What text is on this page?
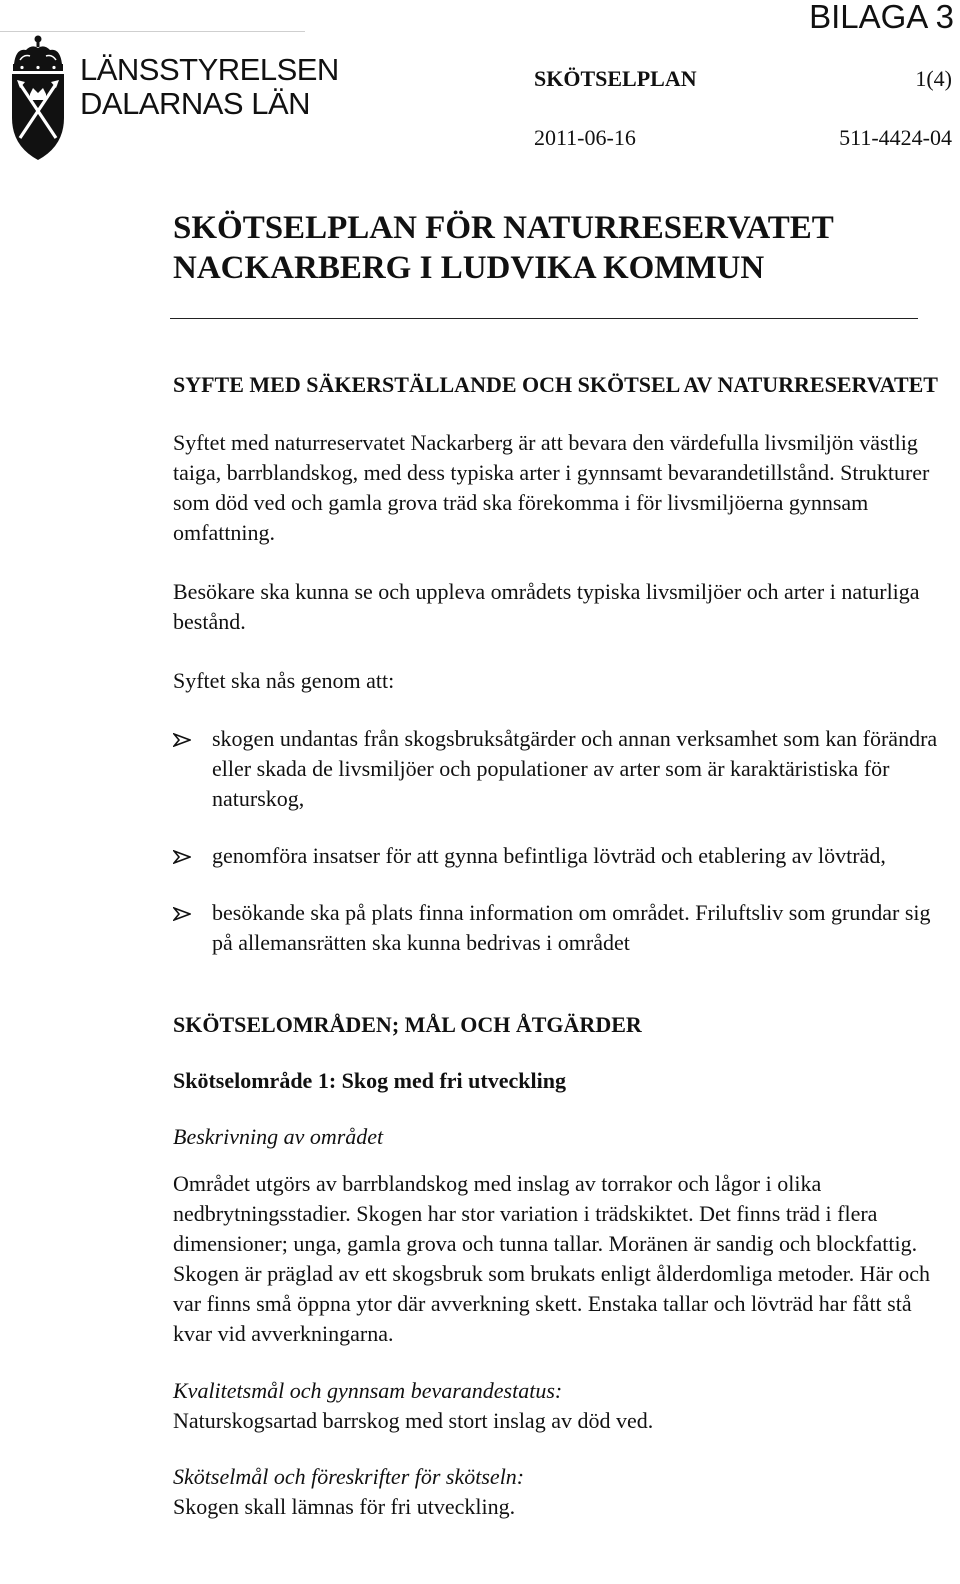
BILAGA 3
LÄNSSTYRELSEN
DALARNAS LÄN
SKÖTSELPLAN	1(4)
2011-06-16	511-4424-04
SKÖTSELPLAN FÖR NATURRESERVATET NACKARBERG I LUDVIKA KOMMUN
SYFTE MED SÄKERSTÄLLANDE OCH SKÖTSEL AV NATURRESERVATET

Syftet med naturreservatet Nackarberg är att bevara den värdefulla livsmiljön västlig taiga, barrblandskog, med dess typiska arter i gynnsamt bevarandetillstånd. Strukturer som död ved och gamla grova träd ska förekomma i för livsmiljöerna gynnsam omfattning.

Besökare ska kunna se och uppleva områdets typiska livsmiljöer och arter i naturliga bestånd.

Syftet ska nås genom att:

skogen undantas från skogsbruksåtgärder och annan verksamhet som kan förändra eller skada de livsmiljöer och populationer av arter som är karaktäristiska för naturskog,
genomföra insatser för att gynna befintliga lövträd och etablering av lövträd,
besökande ska på plats finna information om området. Friluftsliv som grundar sig på allemansrätten ska kunna bedrivas i området
SKÖTSELOMRÅDEN; MÅL OCH ÅTGÄRDER
Skötselområde 1: Skog med fri utveckling

Beskrivning av området

Området utgörs av barrblandskog med inslag av torrakor och lågor i olika nedbrytningsstadier. Skogen har stor variation i trädskiktet. Det finns träd i flera dimensioner; unga, gamla grova och tunna tallar. Moränen är sandig och blockfattig. Skogen är präglad av ett skogsbruk som brukats enligt ålderdomliga metoder. Här och var finns små öppna ytor där avverkning skett. Enstaka tallar och lövträd har fått stå kvar vid avverkningarna.

Kvalitetsmål och gynnsam bevarandestatus:

Naturskogsartad barrskog med stort inslag av död ved.

Skötselmål och föreskrifter för skötseln:

Skogen skall lämnas för fri utveckling.
